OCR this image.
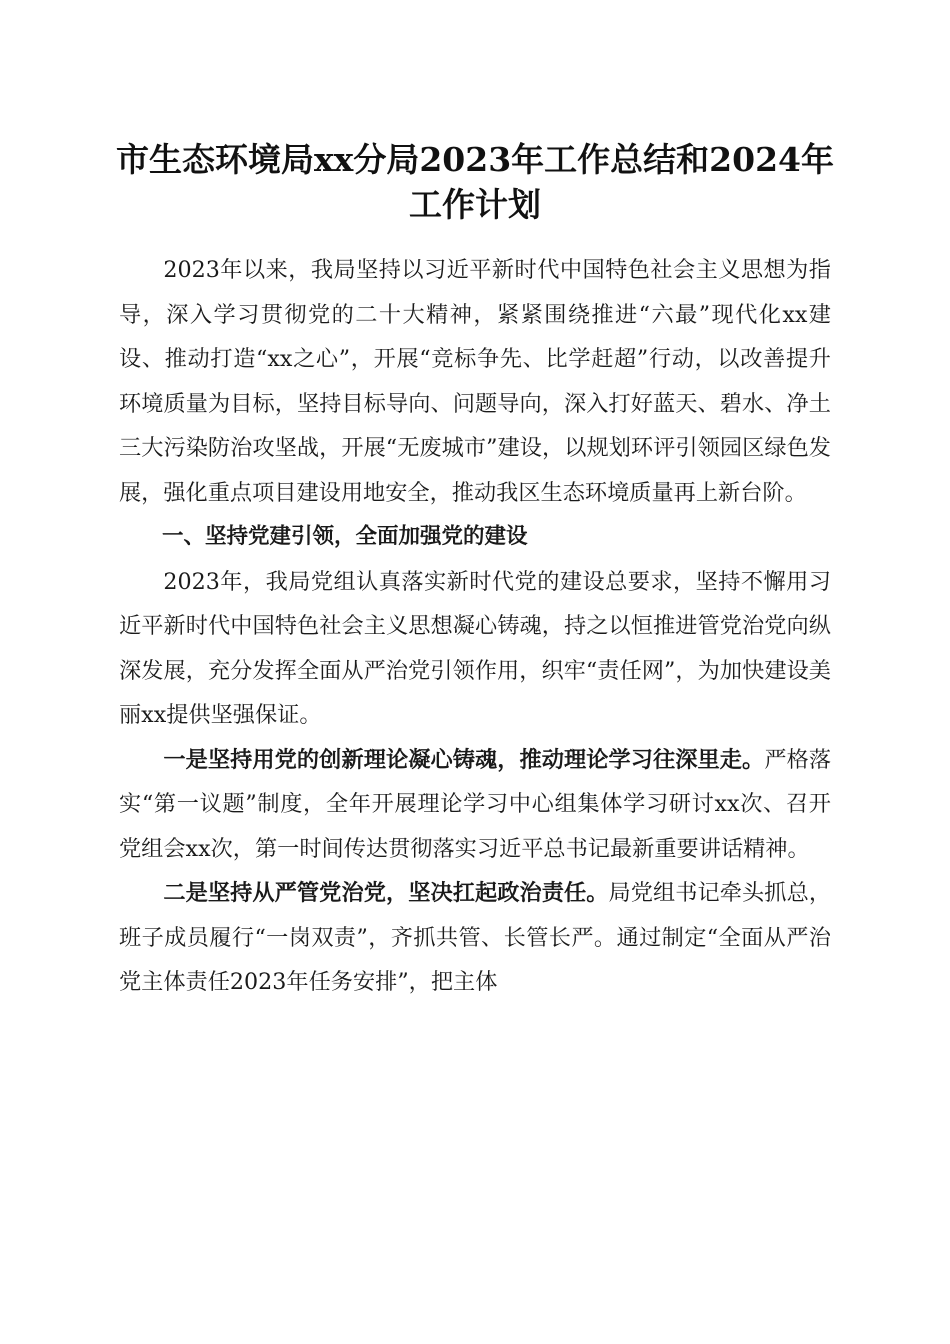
市生态环境局xx分局2023年工作总结和2024年工作计划

2023年以来，我局坚持以习近平新时代中国特色社会主义思想为指导，深入学习贯彻党的二十大精神，紧紧围绕推进“六最”现代化xx建设、推动打造“xx之心”，开展“竞标争先、比学赶超”行动，以改善提升环境质量为目标，坚持目标导向、问题导向，深入打好蓝天、碧水、净土三大污染防治攻坚战，开展“无废城市”建设，以规划环评引领园区绿色发展，强化重点项目建设用地安全，推动我区生态环境质量再上新台阶。

一、坚持党建引领，全面加强党的建设

2023年，我局党组认真落实新时代党的建设总要求，坚持不懈用习近平新时代中国特色社会主义思想凝心铸魂，持之以恒推进管党治党向纵深发展，充分发挥全面从严治党引领作用，织牢“责任网”，为加快建设美丽xx提供坚强保证。

一是坚持用党的创新理论凝心铸魂，推动理论学习往深里走。严格落实“第一议题”制度，全年开展理论学习中心组集体学习研讨xx次、召开党组会xx次，第一时间传达贯彻落实习近平总书记最新重要讲话精神。

二是坚持从严管党治党，坚决扛起政治责任。局党组书记牵头抓总，班子成员履行“一岗双责”，齐抓共管、长管长严。通过制定“全面从严治党主体责任2023年任务安排”，把主体
